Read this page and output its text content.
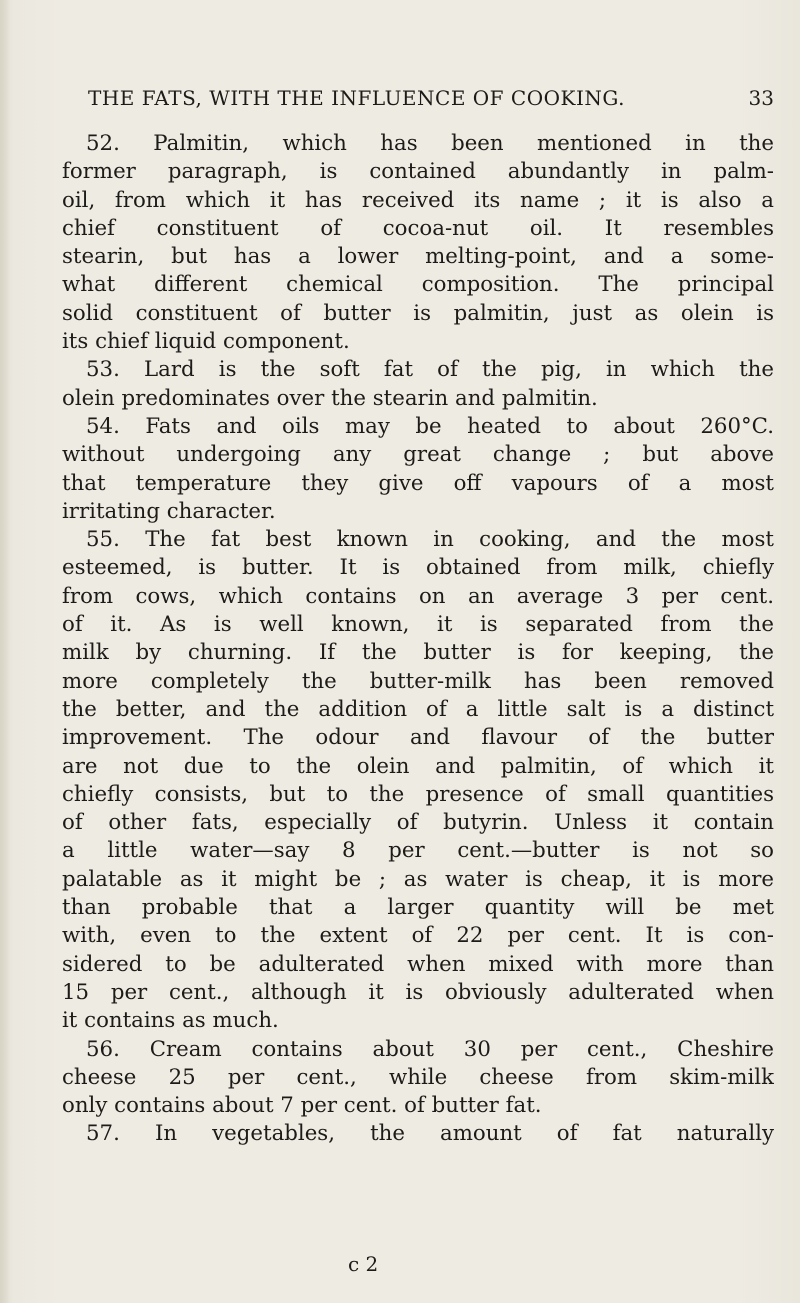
THE FATS, WITH THE INFLUENCE OF COOKING.	33
52. Palmitin, which has been mentioned in the
former paragraph, is contained abundantly in palm-
oil, from which it has received its name ; it is also a
chief constituent of cocoa-nut oil. It resembles
stearin, but has a lower melting-point, and a some-
what different chemical composition. The principal
solid constituent of butter is palmitin, just as olein is
its chief liquid component.
53. Lard is the soft fat of the pig, in which the
olein predominates over the stearin and palmitin.
54. Fats and oils may be heated to about 260°C.
without undergoing any great change ; but above
that temperature they give off vapours of a most
irritating character.
55. The fat best known in cooking, and the most
esteemed, is butter. It is obtained from milk, chiefly
from cows, which contains on an average 3 per cent.
of it. As is well known, it is separated from the
milk by churning. If the butter is for keeping, the
more completely the butter-milk has been removed
the better, and the addition of a little salt is a distinct
improvement. The odour and flavour of the butter
are not due to the olein and palmitin, of which it
chiefly consists, but to the presence of small quantities
of other fats, especially of butyrin. Unless it contain
a little water—say 8 per cent.—butter is not so
palatable as it might be ; as water is cheap, it is more
than probable that a larger quantity will be met
with, even to the extent of 22 per cent. It is con-
sidered to be adulterated when mixed with more than
15 per cent., although it is obviously adulterated when
it contains as much.
56. Cream contains about 30 per cent., Cheshire
cheese 25 per cent., while cheese from skim-milk
only contains about 7 per cent. of butter fat.
57. In vegetables, the amount of fat naturally
c 2
